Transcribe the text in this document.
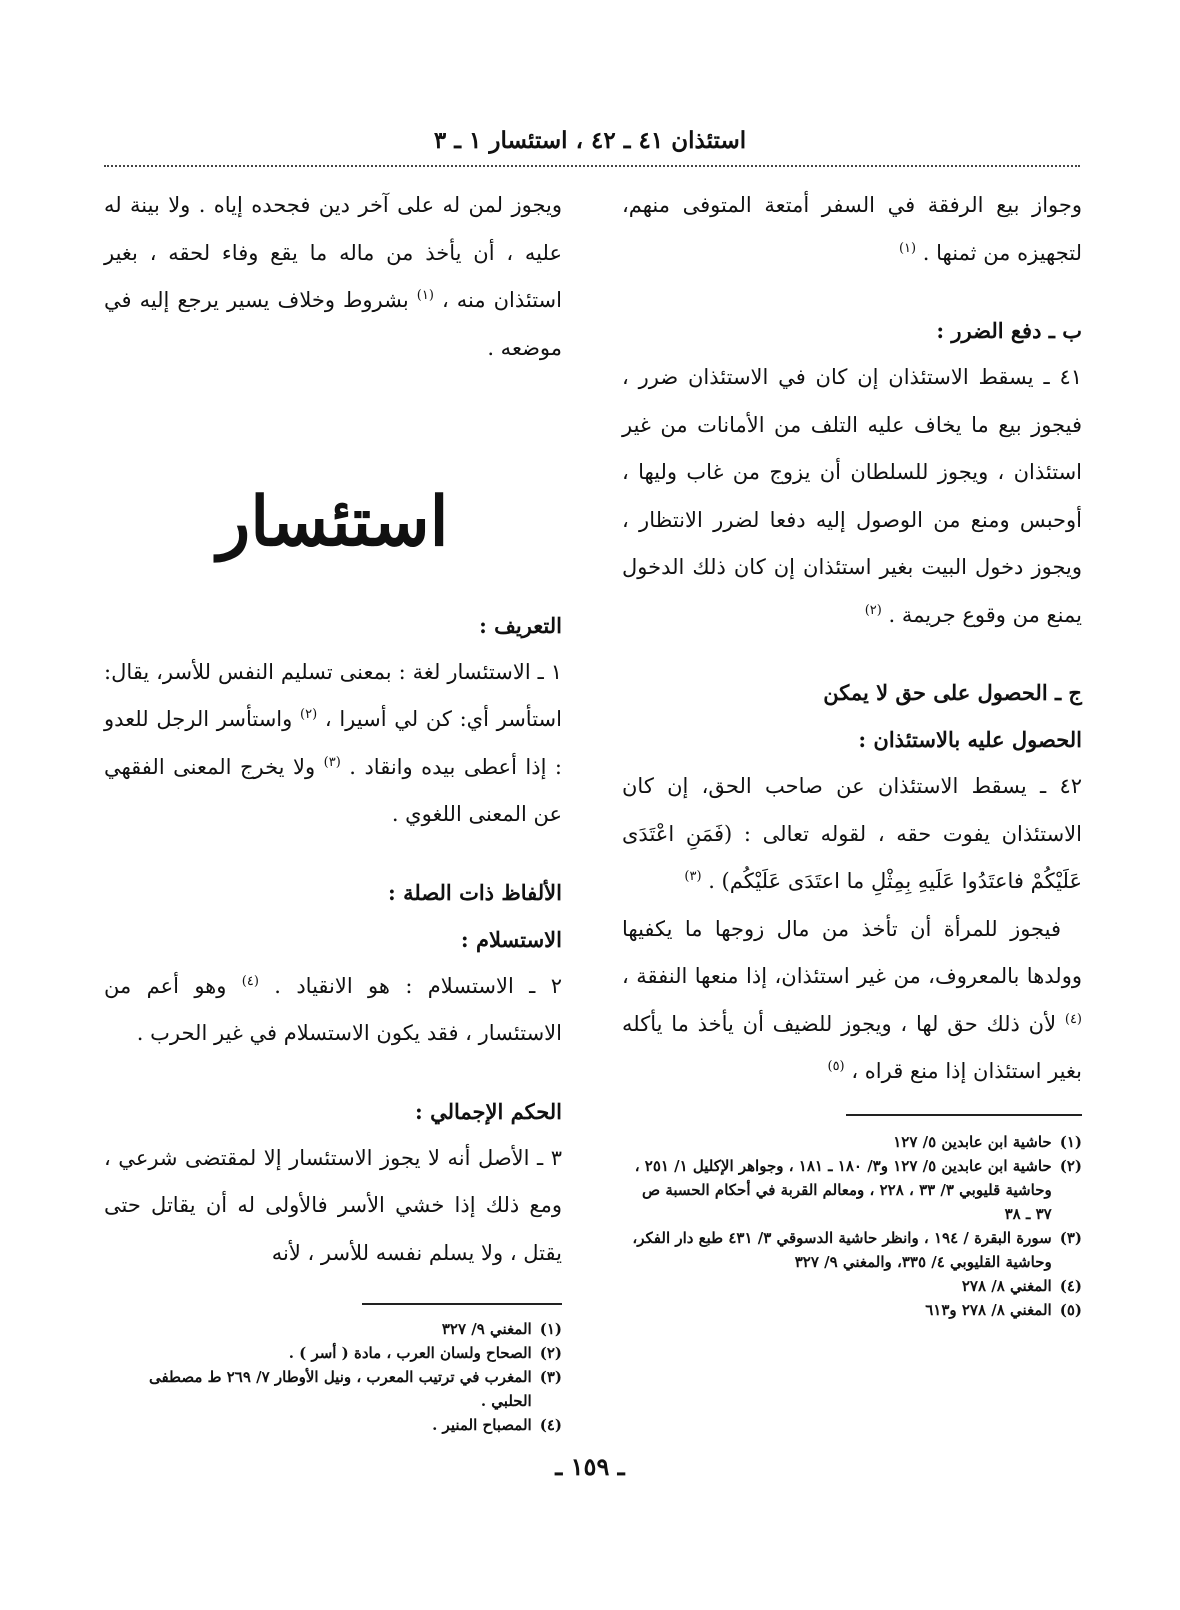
استئذان ٤١ ـ ٤٢ ، استئسار ١ ـ ٣

وجواز بيع الرفقة في السفر أمتعة المتوفى منهم، لتجهيزه من ثمنها . $^{(١)}$

ب ـ دفع الضرر :

٤١ ـ يسقط الاستئذان إن كان في الاستئذان ضرر ، فيجوز بيع ما يخاف عليه التلف من الأمانات من غير استئذان ، ويجوز للسلطان أن يزوج من غاب وليها ، أوحبس ومنع من الوصول إليه دفعا لضرر الانتظار ، ويجوز دخول البيت بغير استئذان إن كان ذلك الدخول يمنع من وقوع جريمة . $^{(٢)}$

ج ـ الحصول على حق لا يمكن
الحصول عليه بالاستئذان :

٤٢ ـ يسقط الاستئذان عن صاحب الحق، إن كان الاستئذان يفوت حقه ، لقوله تعالى : (فَمَنِ اعْتَدَى عَلَيْكُمْ فاعتَدُوا عَلَيهِ بِمِثْلِ ما اعتَدَى عَلَيْكُم) . $^{(٣)}$

 فيجوز للمرأة أن تأخذ من مال زوجها ما يكفيها وولدها بالمعروف، من غير استئذان، إذا منعها النفقة ، $^{(٤)}$ لأن ذلك حق لها ، ويجوز للضيف أن يأخذ ما يأكله بغير استئذان إذا منع قراه ، $^{(٥)}$

(١)
حاشية ابن عابدين ٥/ ١٢٧
(٢)
حاشية ابن عابدين ٥/ ١٢٧ و٣/ ١٨٠ ـ ١٨١ ، وجواهر الإكليل ١/ ٢٥١ ، وحاشية قليوبي ٣/ ٣٣ ، ٢٢٨ ، ومعالم القربة في أحكام الحسبة ص ٣٧ ـ ٣٨
(٣)
سورة البقرة / ١٩٤ ، وانظر حاشية الدسوقي ٣/ ٤٣١ طبع دار الفكر، وحاشية القليوبي ٤/ ٣٣٥، والمغني ٩/ ٣٢٧
(٤)
المغني ٨/ ٢٧٨
(٥)
المغني ٨/ ٢٧٨ و٦١٣

ويجوز لمن له على آخر دين فجحده إياه . ولا بينة له عليه ، أن يأخذ من ماله ما يقع وفاء لحقه ، بغير استئذان منه ، $^{(١)}$ بشروط وخلاف يسير يرجع إليه في موضعه .

استئسار
التعريف :

١ ـ الاستئسار لغة : بمعنى تسليم النفس للأسر، يقال: استأسر أي: كن لي أسيرا ، $^{(٢)}$ واستأسر الرجل للعدو : إذا أعطى بيده وانقاد . $^{(٣)}$ ولا يخرج المعنى الفقهي عن المعنى اللغوي .

الألفاظ ذات الصلة :
الاستسلام :

٢ ـ الاستسلام : هو الانقياد . $^{(٤)}$ وهو أعم من الاستئسار ، فقد يكون الاستسلام في غير الحرب .

الحكم الإجمالي :

٣ ـ الأصل أنه لا يجوز الاستئسار إلا لمقتضى شرعي ، ومع ذلك إذا خشي الأسر فالأولى له أن يقاتل حتى يقتل ، ولا يسلم نفسه للأسر ، لأنه

(١)
المغني ٩/ ٣٢٧
(٢)
الصحاح ولسان العرب ، مادة ( أسر ) .
(٣)
المغرب في ترتيب المعرب ، ونيل الأوطار ٧/ ٢٦٩ ط مصطفى الحلبي .
(٤)
المصباح المنير .
ـ ١٥٩ ـ
